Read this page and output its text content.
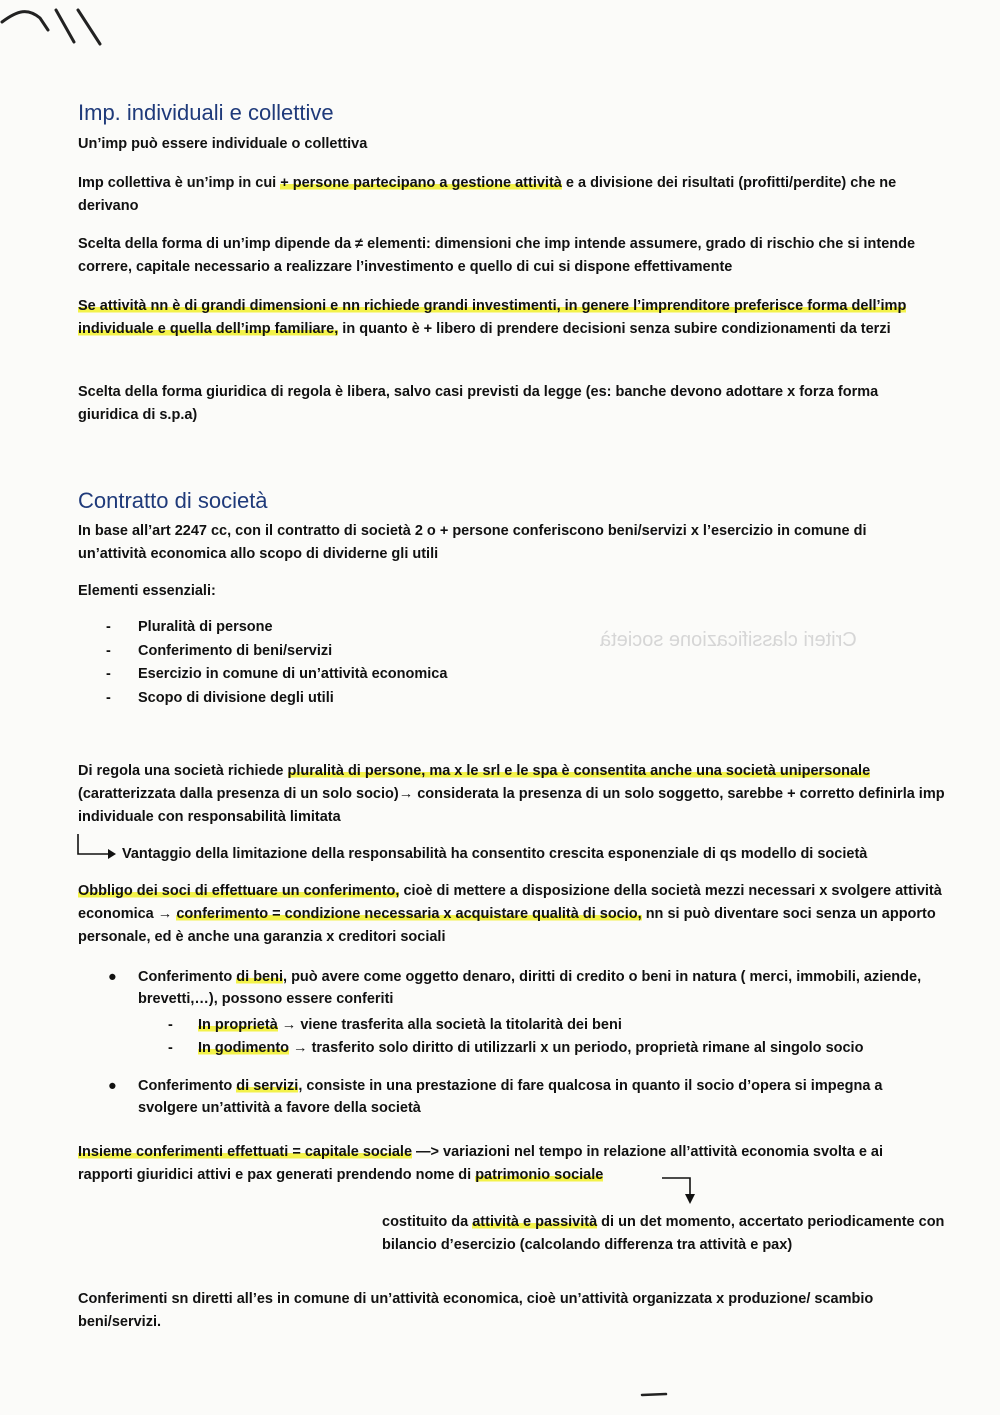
Criteri classificazione società
Imp. individuali e collettive

Un’imp può essere individuale o collettiva

Imp collettiva è un’imp in cui + persone partecipano a gestione attività e a divisione dei risultati (profitti/perdite) che ne derivano

Scelta della forma di un’imp dipende da ≠ elementi: dimensioni che imp intende assumere, grado di rischio che si intende correre, capitale necessario a realizzare l’investimento e quello di cui si dispone effettivamente

Se attività nn è di grandi dimensioni e nn richiede grandi investimenti, in genere l’imprenditore preferisce forma dell’imp individuale e quella dell’imp familiare, in quanto è + libero di prendere decisioni senza subire condizionamenti da terzi

Scelta della forma giuridica di regola è libera, salvo casi previsti da legge (es: banche devono adottare x forza forma giuridica di s.p.a)

Contratto di società

In base all’art 2247 cc, con il contratto di società 2 o + persone conferiscono beni/servizi x l’esercizio in comune di un’attività economica allo scopo di dividerne gli utili

Elementi essenziali:

- Pluralità di persone
- Conferimento di beni/servizi
- Esercizio in comune di un’attività economica
- Scopo di divisione degli utili

Di regola una società richiede pluralità di persone, ma x le srl e le spa è consentita anche una società unipersonale (caratterizzata dalla presenza di un solo socio)→ considerata la presenza di un solo soggetto, sarebbe + corretto definirla imp individuale con responsabilità limitata

Vantaggio della limitazione della responsabilità ha consentito crescita esponenziale di qs modello di società

Obbligo dei soci di effettuare un conferimento, cioè di mettere a disposizione della società mezzi necessari x svolgere attività economica → conferimento = condizione necessaria x acquistare qualità di socio, nn si può diventare soci senza un apporto personale, ed è anche una garanzia x creditori sociali

● Conferimento di beni, può avere come oggetto denaro, diritti di credito o beni in natura ( merci, immobili, aziende, brevetti,…), possono essere conferiti
- In proprietà → viene trasferita alla società la titolarità dei beni
- In godimento → trasferito solo diritto di utilizzarli x un periodo, proprietà rimane al singolo socio
● Conferimento di servizi, consiste in una prestazione di fare qualcosa in quanto il socio d’opera si impegna a svolgere un’attività a favore della società

Insieme conferimenti effettuati = capitale sociale —> variazioni nel tempo in relazione all’attività economia svolta e ai rapporti giuridici attivi e pax generati prendendo nome di patrimonio sociale

costituito da attività e passività di un det momento, accertato periodicamente con bilancio d’esercizio (calcolando differenza tra attività e pax)

Conferimenti sn diretti all’es in comune di un’attività economica, cioè un’attività organizzata x produzione/ scambio beni/servizi.
